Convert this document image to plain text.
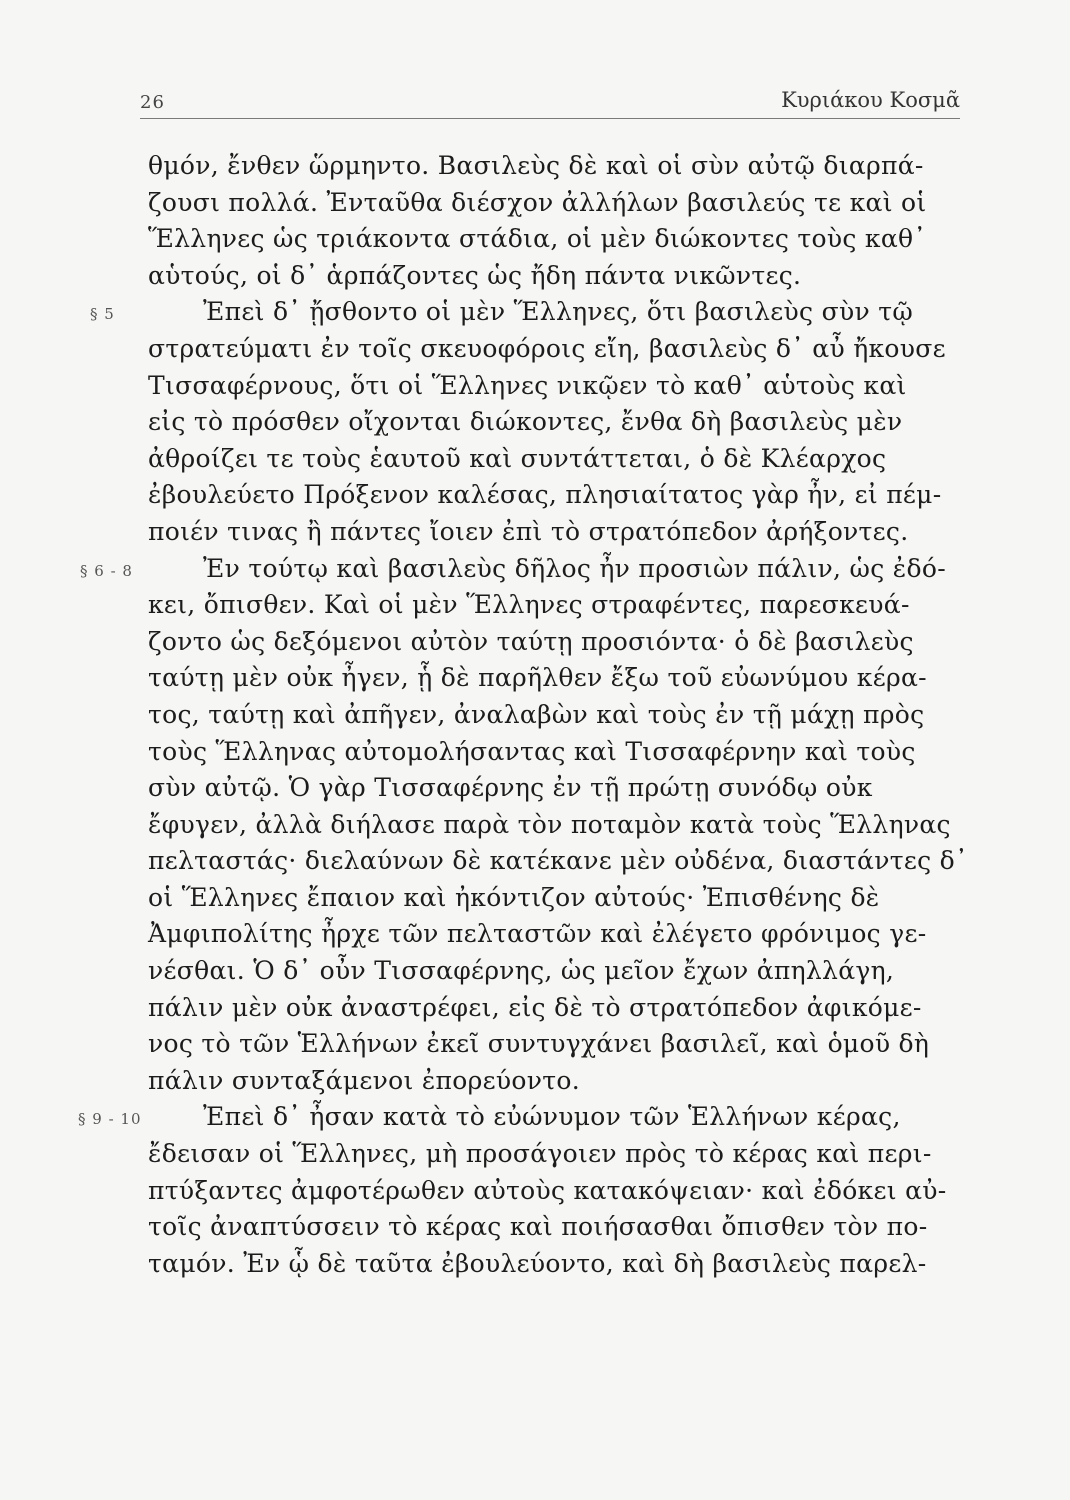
26	Κυριάκου Κοσμᾶ
θμόν, ἔνθεν ὥρμηντο. Βασιλεὺς δὲ καὶ οἱ σὺν αὐτῷ διαρπά-
ζουσι πολλά. Ἐνταῦθα διέσχον ἀλλήλων βασιλεύς τε καὶ οἱ
Ἕλληνες ὡς τριάκοντα στάδια, οἱ μὲν διώκοντες τοὺς καθ᾽
αὑτούς, οἱ δ᾽ ἁρπάζοντες ὡς ἤδη πάντα νικῶντες.
§ 5	Ἐπεὶ δ᾽ ᾔσθοντο οἱ μὲν Ἕλληνες, ὅτι βασιλεὺς σὺν τῷ
στρατεύματι ἐν τοῖς σκευοφόροις εἴη, βασιλεὺς δ᾽ αὖ ἤκουσε
Τισσαφέρνους, ὅτι οἱ Ἕλληνες νικῷεν τὸ καθ᾽ αὑτοὺς καὶ
εἰς τὸ πρόσθεν οἴχονται διώκοντες, ἔνθα δὴ βασιλεὺς μὲν
ἀθροίζει τε τοὺς ἑαυτοῦ καὶ συντάττεται, ὁ δὲ Κλέαρχος
ἐβουλεύετο Πρόξενον καλέσας, πλησιαίτατος γὰρ ἦν, εἰ πέμ-
ποιέν τινας ἢ πάντες ἴοιεν ἐπὶ τὸ στρατόπεδον ἀρήξοντες.
§ 6 - 8	Ἐν τούτῳ καὶ βασιλεὺς δῆλος ἦν προσιὼν πάλιν, ὡς ἐδό-
κει, ὄπισθεν. Καὶ οἱ μὲν Ἕλληνες στραφέντες, παρεσκευά-
ζοντο ὡς δεξόμενοι αὐτὸν ταύτῃ προσιόντα· ὁ δὲ βασιλεὺς
ταύτῃ μὲν οὐκ ἦγεν, ᾗ δὲ παρῆλθεν ἔξω τοῦ εὐωνύμου κέρα-
τος, ταύτῃ καὶ ἀπῆγεν, ἀναλαβὼν καὶ τοὺς ἐν τῇ μάχῃ πρὸς
τοὺς Ἕλληνας αὐτομολήσαντας καὶ Τισσαφέρνην καὶ τοὺς
σὺν αὐτῷ. Ὁ γὰρ Τισσαφέρνης ἐν τῇ πρώτῃ συνόδῳ οὐκ
ἔφυγεν, ἀλλὰ διήλασε παρὰ τὸν ποταμὸν κατὰ τοὺς Ἕλληνας
πελταστάς· διελαύνων δὲ κατέκανε μὲν οὐδένα, διαστάντες δ᾽
οἱ Ἕλληνες ἔπαιον καὶ ἠκόντιζον αὐτούς· Ἐπισθένης δὲ
Ἀμφιπολίτης ἦρχε τῶν πελταστῶν καὶ ἐλέγετο φρόνιμος γε-
νέσθαι. Ὁ δ᾽ οὖν Τισσαφέρνης, ὡς μεῖον ἔχων ἀπηλλάγη,
πάλιν μὲν οὐκ ἀναστρέφει, εἰς δὲ τὸ στρατόπεδον ἀφικόμε-
νος τὸ τῶν Ἑλλήνων ἐκεῖ συντυγχάνει βασιλεῖ, καὶ ὁμοῦ δὴ
πάλιν συνταξάμενοι ἐπορεύοντο.
§ 9 - 10 Ἐπεὶ δ᾽ ἦσαν κατὰ τὸ εὐώνυμον τῶν Ἑλλήνων κέρας,
ἔδεισαν οἱ Ἕλληνες, μὴ προσάγοιεν πρὸς τὸ κέρας καὶ περι-
πτύξαντες ἀμφοτέρωθεν αὐτοὺς κατακόψειαν· καὶ ἐδόκει αὐ-
τοῖς ἀναπτύσσειν τὸ κέρας καὶ ποιήσασθαι ὄπισθεν τὸν πο-
ταμόν. Ἐν ᾧ δὲ ταῦτα ἐβουλεύοντο, καὶ δὴ βασιλεὺς παρελ-
